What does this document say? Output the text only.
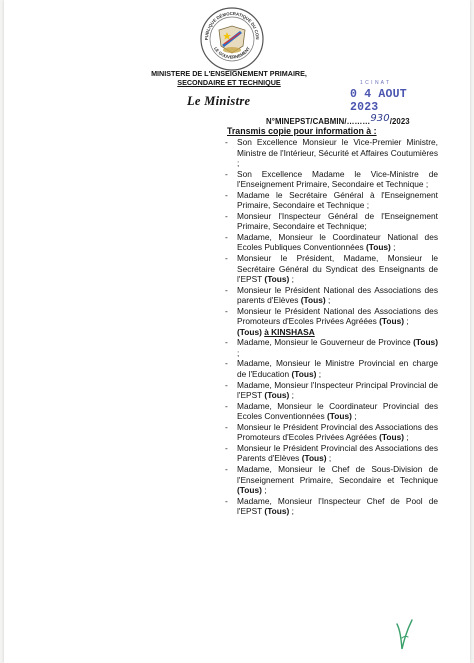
PUBLIQUE DÉMOCRATIQUE DU CON
LE GOUVERNEMENT
MINISTERE DE L'ENSEIGNEMENT PRIMAIRE,
SECONDAIRE ET TECHNIQUE
Le Ministre
1 C I N A T
0 4 AOUT 2023
N°MINEPST/CABMIN/………930/2023
Transmis copie pour information à :
- Son Excellence Monsieur le Vice-Premier Ministre, Ministre de l'Intérieur, Sécurité et Affaires Coutumières ;
- Son Excellence Madame le Vice-Ministre de l'Enseignement Primaire, Secondaire et Technique ;
- Madame le Secrétaire Général à l'Enseignement Primaire, Secondaire et Technique ;
- Monsieur l'Inspecteur Général de l'Enseignement Primaire, Secondaire et Technique;
- Madame, Monsieur le Coordinateur National des Ecoles Publiques Conventionnées (Tous) ;
- Monsieur le Président, Madame, Monsieur le Secrétaire Général du Syndicat des Enseignants de l'EPST (Tous) ;
- Monsieur le Président National des Associations des parents d'Elèves (Tous) ;
- Monsieur le Président National des Associations des Promoteurs d'Ecoles Privées Agréées (Tous) ;
(Tous) à KINSHASA
- Madame, Monsieur le Gouverneur de Province (Tous) ;
- Madame, Monsieur le Ministre Provincial en charge de l'Education (Tous) ;
- Madame, Monsieur l'Inspecteur Principal Provincial de l'EPST (Tous) ;
- Madame, Monsieur le Coordinateur Provincial des Ecoles Conventionnées (Tous) ;
- Monsieur le Président Provincial des Associations des Promoteurs d'Ecoles Privées Agréées (Tous) ;
- Monsieur le Président Provincial des Associations des Parents d'Elèves (Tous) ;
- Madame, Monsieur le Chef de Sous-Division de l'Enseignement Primaire, Secondaire et Technique (Tous) ;
- Madame, Monsieur l'Inspecteur Chef de Pool de l'EPST (Tous) ;
